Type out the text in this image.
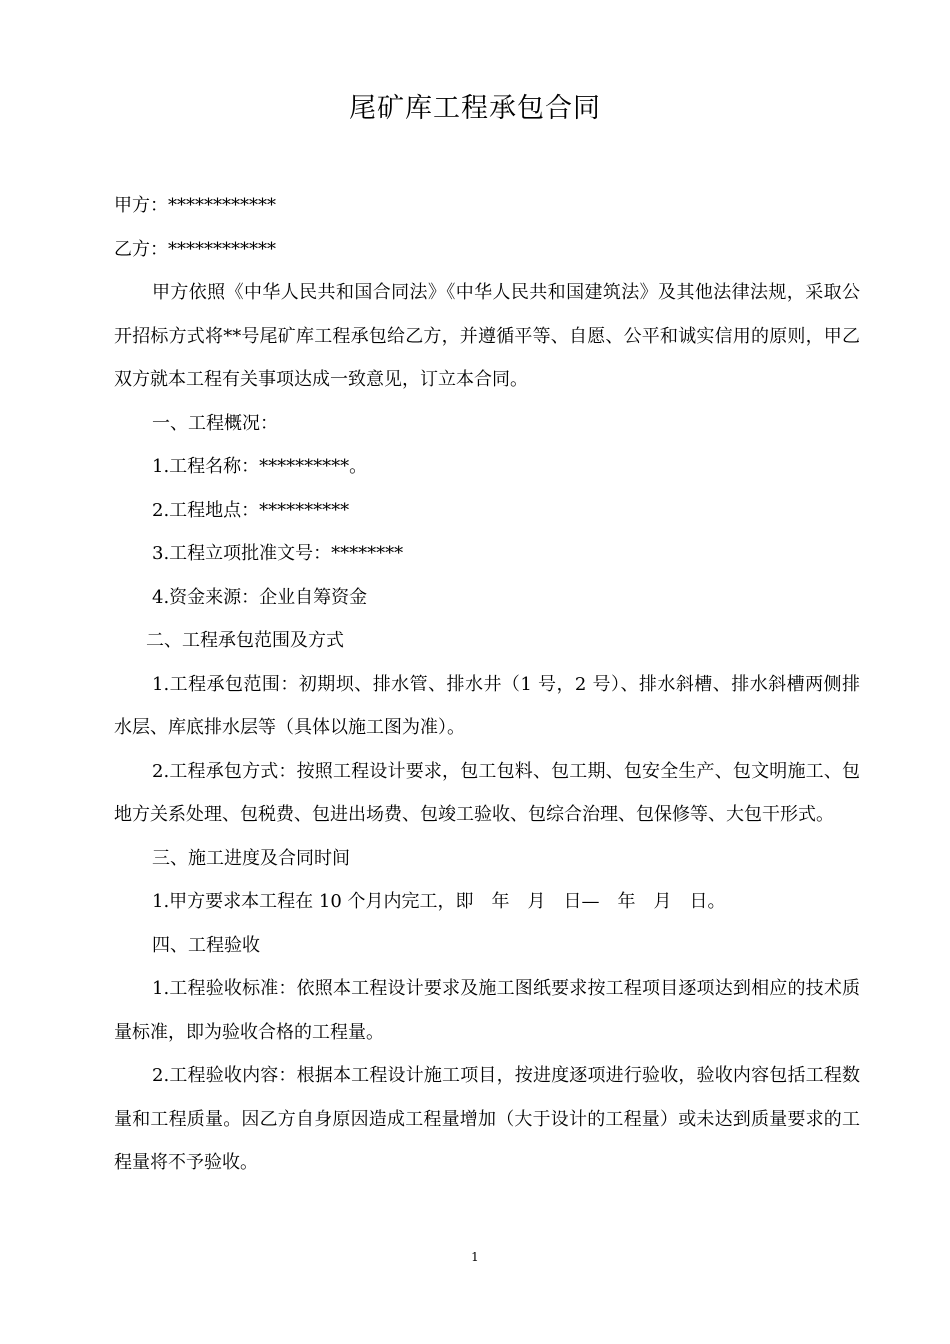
尾矿库工程承包合同

甲方：************

乙方：************

甲方依照《中华人民共和国合同法》《中华人民共和国建筑法》及其他法律法规，采取公开招标方式将**号尾矿库工程承包给乙方，并遵循平等、自愿、公平和诚实信用的原则，甲乙双方就本工程有关事项达成一致意见，订立本合同。

一、工程概况：

1.工程名称：**********。

2.工程地点：**********

3.工程立项批准文号：********

4.资金来源：企业自筹资金

二、工程承包范围及方式

1.工程承包范围：初期坝、排水管、排水井（1 号，2 号）、排水斜槽、排水斜槽两侧排水层、库底排水层等（具体以施工图为准）。

2.工程承包方式：按照工程设计要求，包工包料、包工期、包安全生产、包文明施工、包地方关系处理、包税费、包进出场费、包竣工验收、包综合治理、包保修等、大包干形式。

三、施工进度及合同时间

1.甲方要求本工程在 10 个月内完工，即　年　月　日—　年　月　日。

四、工程验收

1.工程验收标准：依照本工程设计要求及施工图纸要求按工程项目逐项达到相应的技术质量标准，即为验收合格的工程量。

2.工程验收内容：根据本工程设计施工项目，按进度逐项进行验收，验收内容包括工程数量和工程质量。因乙方自身原因造成工程量增加（大于设计的工程量）或未达到质量要求的工程量将不予验收。

1
